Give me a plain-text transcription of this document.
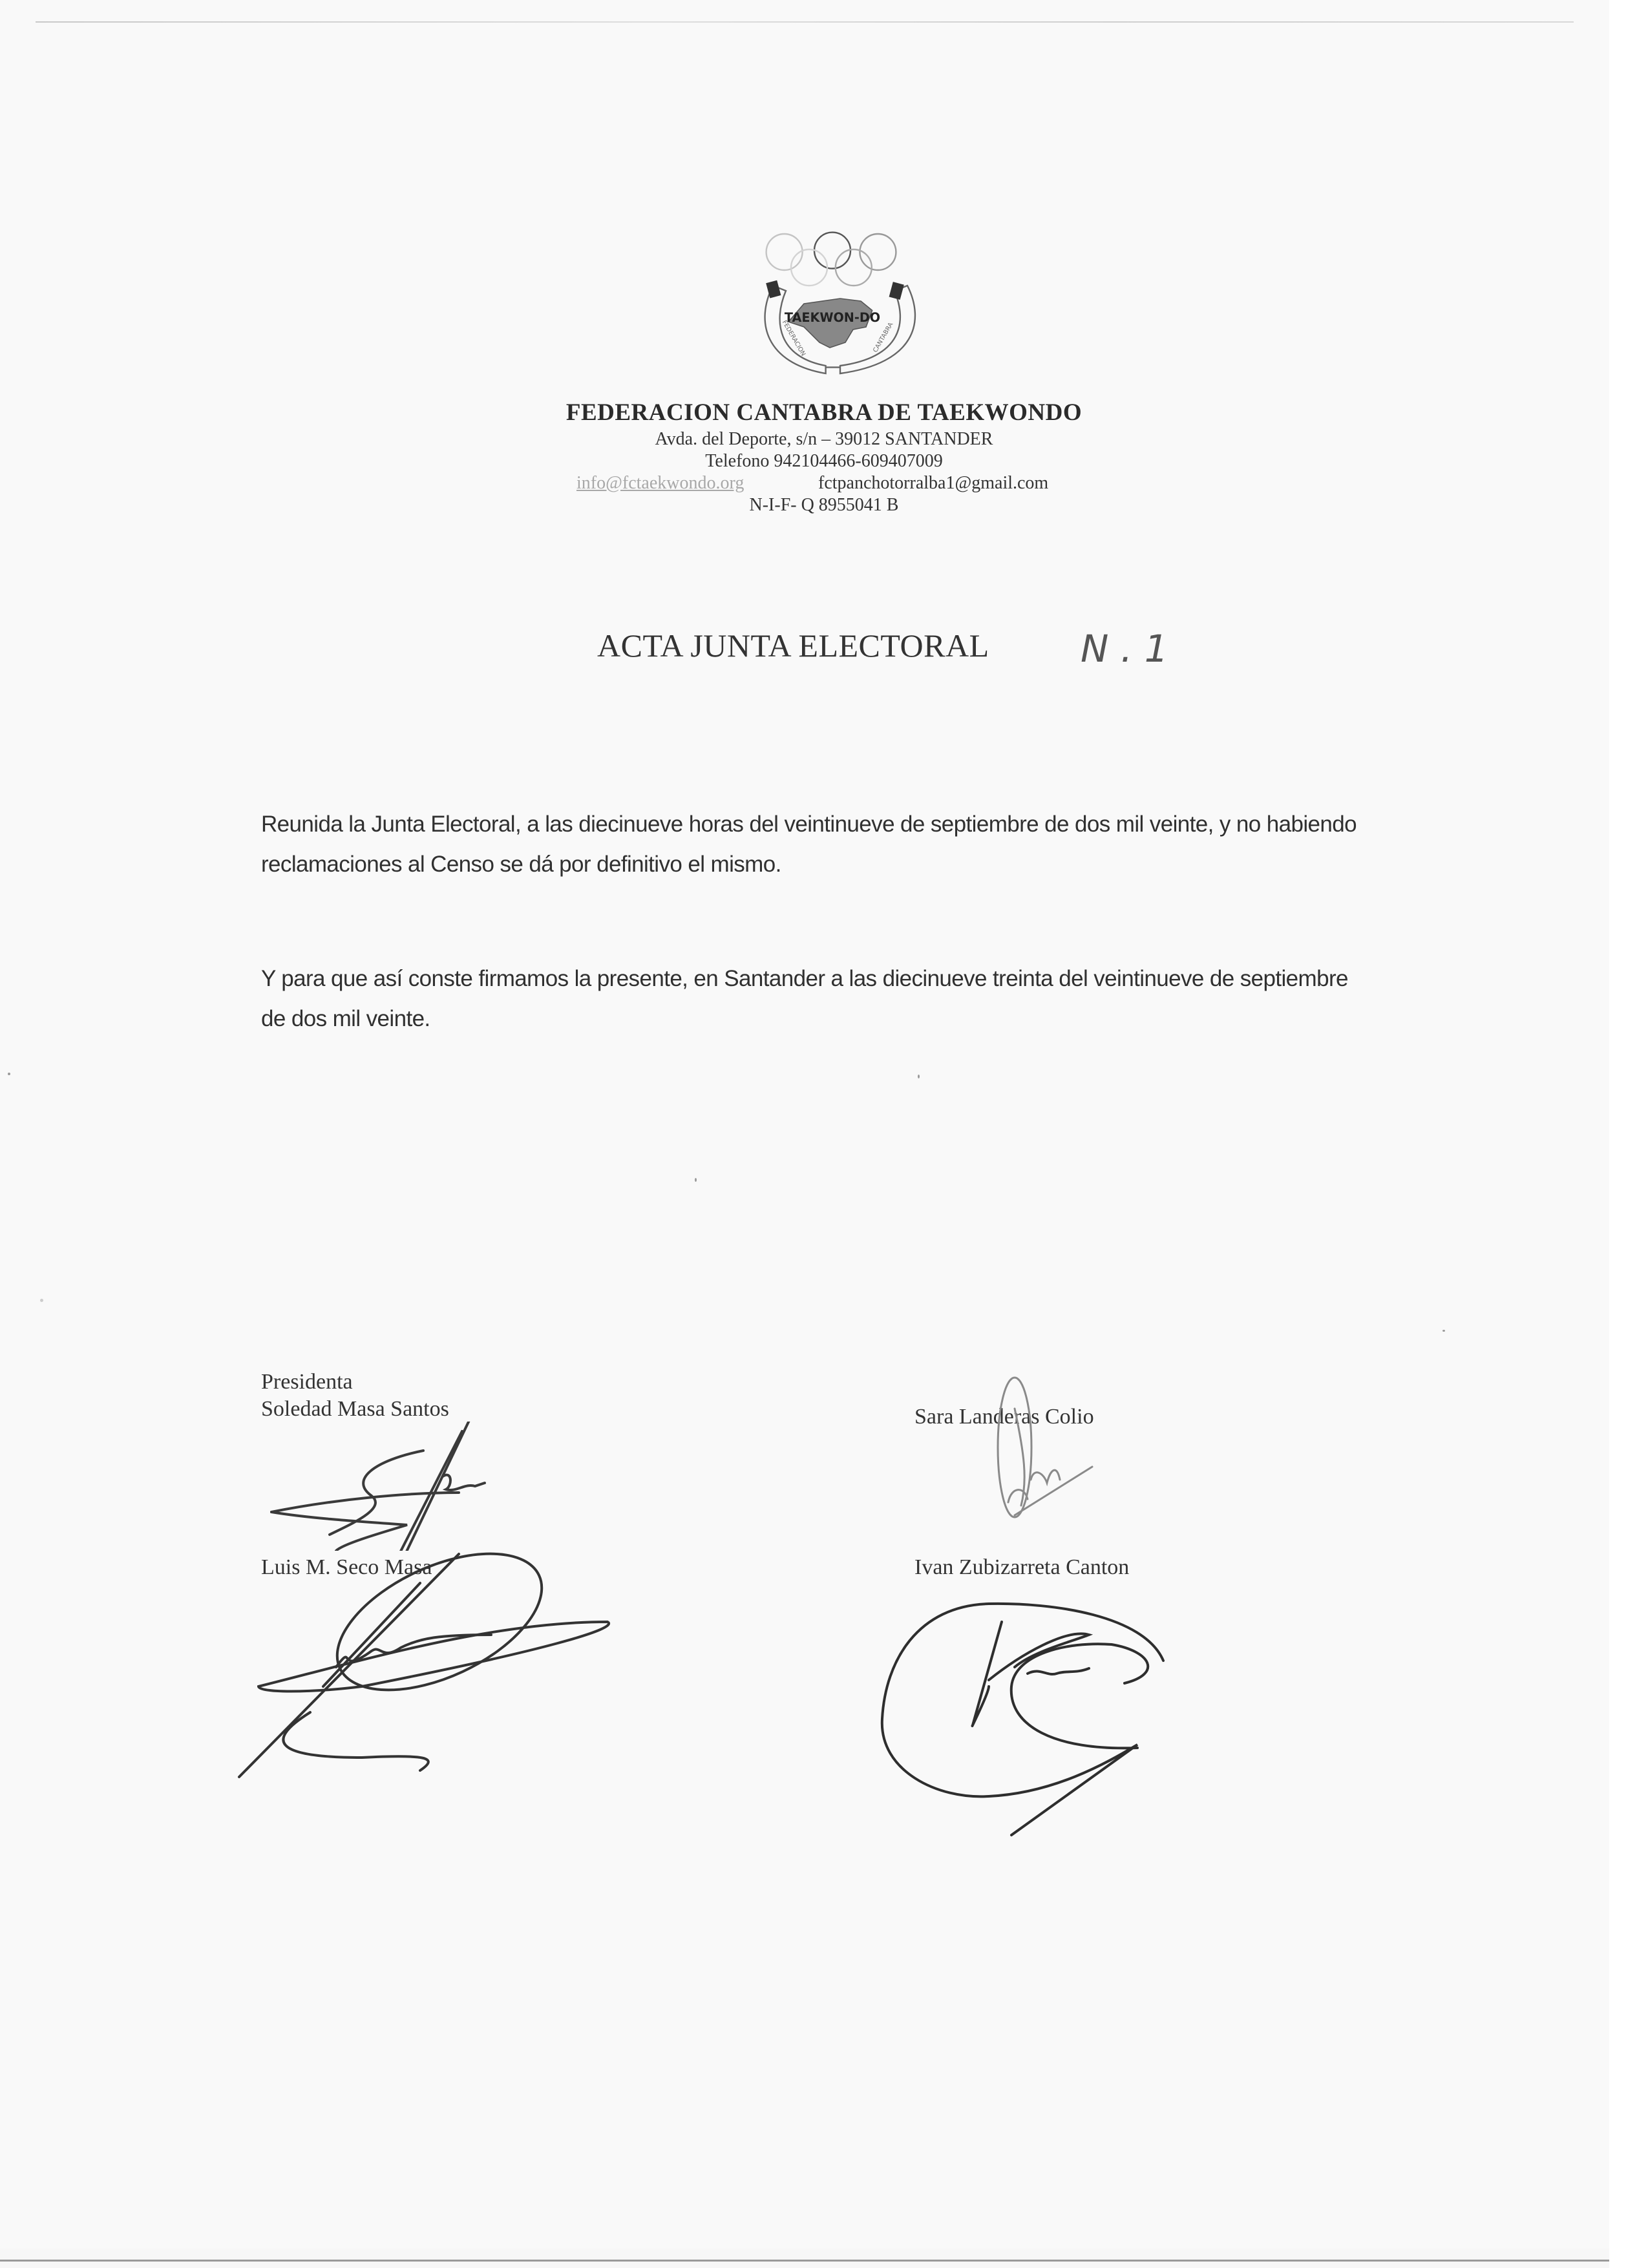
TAEKWON-DO
FEDERACION	CANTABRA
FEDERACION CANTABRA DE TAEKWONDO
Avda. del Deporte, s/n – 39012 SANTANDER
Telefono 942104466-609407009
info@fctaekwondo.org	fctpanchotorralba1@gmail.com
N-I-F- Q 8955041 B
ACTA JUNTA ELECTORAL N . 1
Reunida la Junta Electoral, a las diecinueve horas del veintinueve de septiembre de dos mil veinte, y no habiendo reclamaciones al Censo se dá por definitivo el mismo.
Y para que así conste firmamos la presente, en Santander a las diecinueve treinta del veintinueve de septiembre de dos mil veinte.
Presidenta
Soledad Masa Santos
Luis M. Seco Masa
Sara Landeras Colio
Ivan Zubizarreta Canton
